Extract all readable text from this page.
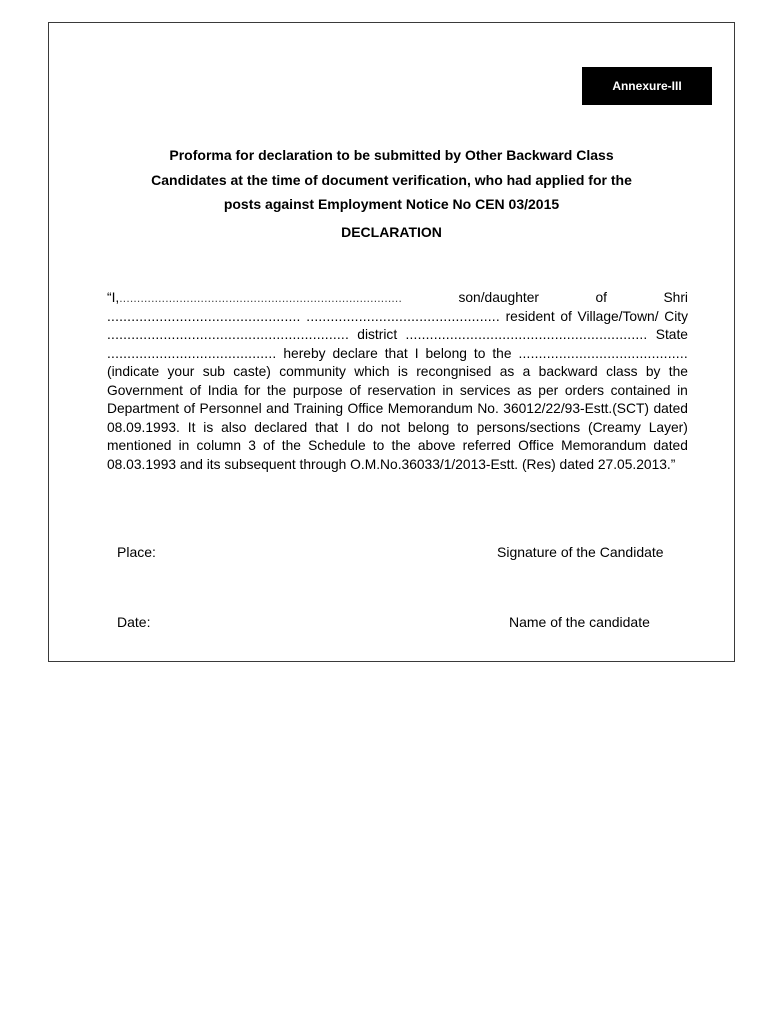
Annexure-III
Proforma for declaration to be submitted by Other Backward Class
Candidates at the time of document verification, who had applied for the
posts against Employment Notice No CEN 03/2015
DECLARATION
“I,................................................................................	son/daughter	of	Shri
................................................ ................................................ resident of Village/Town/ City
............................................................ district ............................................................ State
.......................................... hereby declare that I belong to the ..........................................
(indicate your sub caste) community which is recongnised as a backward class by the
Government of India for the purpose of reservation in services as per orders contained in
Department of Personnel and Training Office Memorandum No. 36012/22/93-Estt.(SCT) dated
08.09.1993. It is also declared that I do not belong to persons/sections (Creamy Layer)
mentioned in column 3 of the Schedule to the above referred Office Memorandum dated
08.03.1993 and its subsequent through O.M.No.36033/1/2013-Estt. (Res) dated 27.05.2013. ”
Place:	Signature of the Candidate
Date:	Name of the candidate
